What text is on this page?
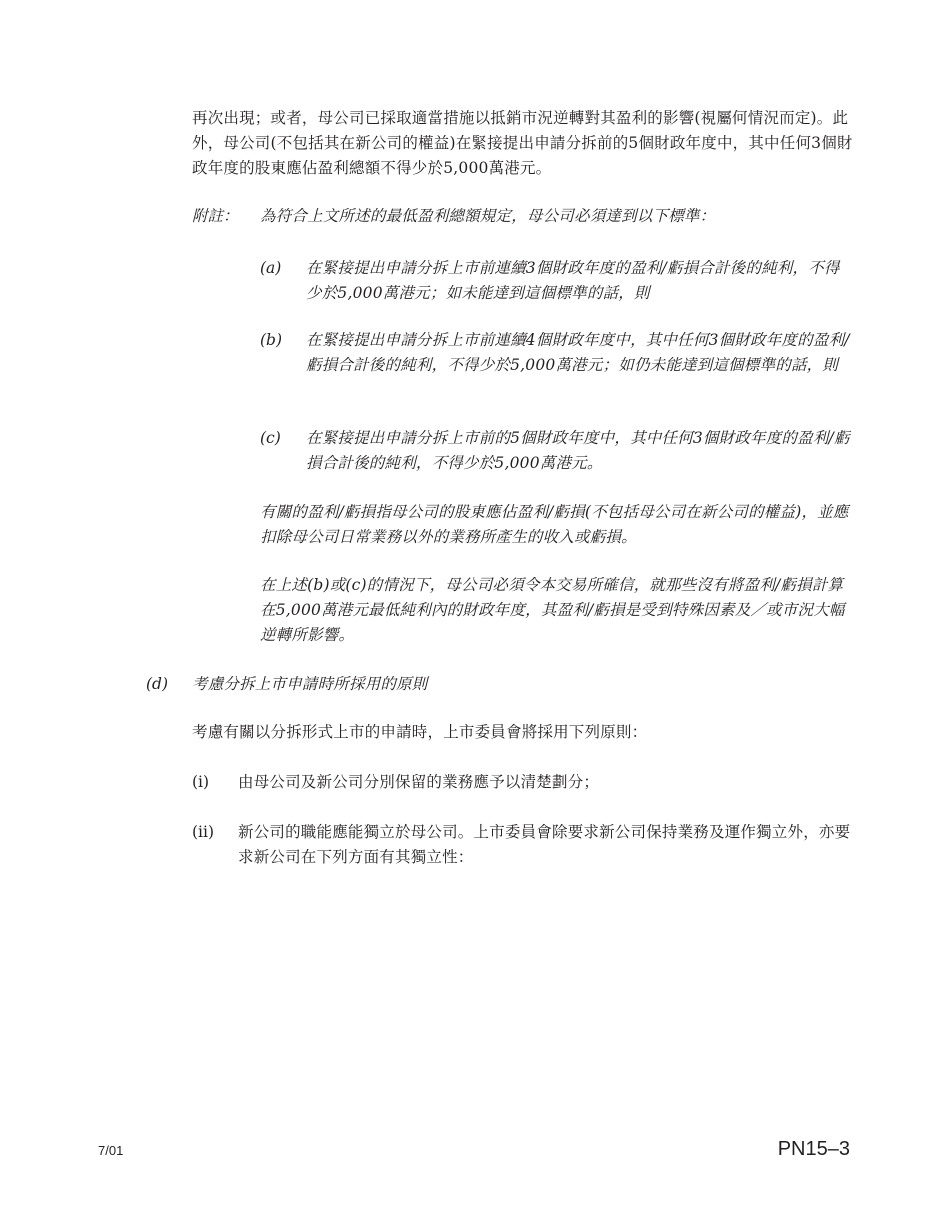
再次出現；或者，母公司已採取適當措施以抵銷市況逆轉對其盈利的影響(視屬何情況而定)。此外，母公司(不包括其在新公司的權益)在緊接提出申請分拆前的5個財政年度中，其中任何3個財政年度的股東應佔盈利總額不得少於5,000萬港元。

附註： 為符合上文所述的最低盈利總額規定，母公司必須達到以下標準：

(a) 在緊接提出申請分拆上市前連續3個財政年度的盈利/虧損合計後的純利，不得少於5,000萬港元；如未能達到這個標準的話，則

(b) 在緊接提出申請分拆上市前連續4個財政年度中，其中任何3個財政年度的盈利/虧損合計後的純利，不得少於5,000萬港元；如仍未能達到這個標準的話，則

(c) 在緊接提出申請分拆上市前的5個財政年度中，其中任何3個財政年度的盈利/虧損合計後的純利，不得少於5,000萬港元。

有關的盈利/虧損指母公司的股東應佔盈利/虧損(不包括母公司在新公司的權益)，並應扣除母公司日常業務以外的業務所產生的收入或虧損。

在上述(b)或(c)的情況下，母公司必須令本交易所確信，就那些沒有將盈利/虧損計算在5,000萬港元最低純利內的財政年度，其盈利/虧損是受到特殊因素及／或市況大幅逆轉所影響。

(d) 考慮分拆上市申請時所採用的原則

考慮有關以分拆形式上市的申請時，上市委員會將採用下列原則：

(i) 由母公司及新公司分別保留的業務應予以清楚劃分；

(ii) 新公司的職能應能獨立於母公司。上市委員會除要求新公司保持業務及運作獨立外，亦要求新公司在下列方面有其獨立性：

7/01	PN15–3
